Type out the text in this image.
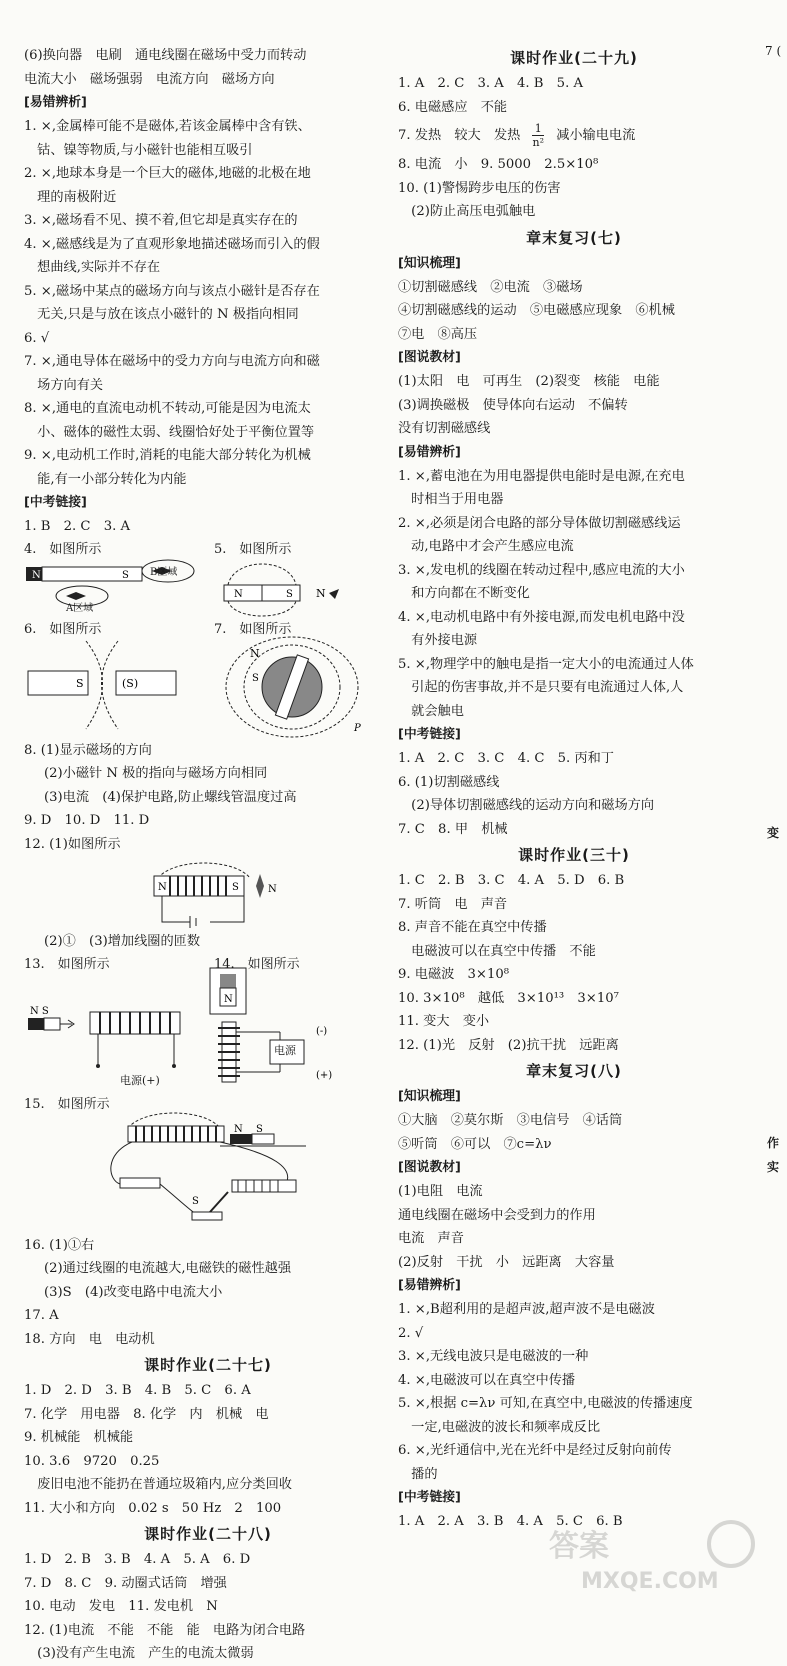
(6)换向器　电刷　通电线圈在磁场中受力而转动
电流大小　磁场强弱　电流方向　磁场方向
[易错辨析]
1. ×,金属棒可能不是磁体,若该金属棒中含有铁、
　钴、镍等物质,与小磁针也能相互吸引
2. ×,地球本身是一个巨大的磁体,地磁的北极在地
　理的南极附近
3. ×,磁场看不见、摸不着,但它却是真实存在的
4. ×,磁感线是为了直观形象地描述磁场而引入的假
　想曲线,实际并不存在
5. ×,磁场中某点的磁场方向与该点小磁针是否存在
　无关,只是与放在该点小磁针的 N 极指向相同
6. √
7. ×,通电导体在磁场中的受力方向与电流方向和磁
　场方向有关
8. ×,通电的直流电动机不转动,可能是因为电流太
　小、磁体的磁性太弱、线圈恰好处于平衡位置等
9. ×,电动机工作时,消耗的电能大部分转化为机械
　能,有一小部分转化为内能
[中考链接]
1. B　2. C　3. A
4.　如图所示	5.　如图所示
N	S
N	S N
B区域
A区域
6.　如图所示	7.　如图所示
S	(S)
N
S
P
8. (1)显示磁场的方向
(2)小磁针 N 极的指向与磁场方向相同
(3)电流　(4)保护电路,防止螺线管温度过高
9. D　10. D　11. D
12. (1)如图所示
N	S	N
(2)①　(3)增加线圈的匝数
13.　如图所示	14.　如图所示
N S
N
(-)
(+)
电源(+)
电源
15.　如图所示
N S
S
16. (1)①右
(2)通过线圈的电流越大,电磁铁的磁性越强
(3)S　(4)改变电路中电流大小
17. A
18. 方向　电　电动机
课时作业(二十七)
1. D　2. D　3. B　4. B　5. C　6. A
7. 化学　用电器　8. 化学　内　机械　电
9. 机械能　机械能
10. 3.6　9720　0.25
　废旧电池不能扔在普通垃圾箱内,应分类回收
11. 大小和方向　0.02 s　50 Hz　2　100
课时作业(二十八)
1. D　2. B　3. B　4. A　5. A　6. D
7. D　8. C　9. 动圈式话筒　增强
10. 电动　发电　11. 发电机　N
12. (1)电流　不能　不能　能　电路为闭合电路
　(3)没有产生电流　产生的电流太微弱
课时作业(二十九)
1. A　2. C　3. A　4. B　5. A
6. 电磁感应　不能
7. 发热　较大　发热 $\frac{1}{\text{n²}}$ 减小输电电流
8. 电流　小　9. 5000　2.5×10⁸
10. (1)警惕跨步电压的伤害
　(2)防止高压电弧触电
章末复习(七)
[知识梳理]
①切割磁感线　②电流　③磁场
④切割磁感线的运动　⑤电磁感应现象　⑥机械
⑦电　⑧高压
[图说教材]
(1)太阳　电　可再生　(2)裂变　核能　电能
(3)调换磁极　使导体向右运动　不偏转
没有切割磁感线
[易错辨析]
1. ×,蓄电池在为用电器提供电能时是电源,在充电
　时相当于用电器
2. ×,必须是闭合电路的部分导体做切割磁感线运
　动,电路中才会产生感应电流
3. ×,发电机的线圈在转动过程中,感应电流的大小
　和方向都在不断变化
4. ×,电动机电路中有外接电源,而发电机电路中没
　有外接电源
5. ×,物理学中的触电是指一定大小的电流通过人体
　引起的伤害事故,并不是只要有电流通过人体,人
　就会触电
[中考链接]
1. A　2. C　3. C　4. C　5. 丙和丁
6. (1)切割磁感线
　(2)导体切割磁感线的运动方向和磁场方向
7. C　8. 甲　机械
课时作业(三十)
1. C　2. B　3. C　4. A　5. D　6. B
7. 听筒　电　声音
8. 声音不能在真空中传播
　电磁波可以在真空中传播　不能
9. 电磁波　3×10⁸
10. 3×10⁸　越低　3×10¹³　3×10⁷
11. 变大　变小
12. (1)光　反射　(2)抗干扰　远距离
章末复习(八)
[知识梳理]
①大脑　②莫尔斯　③电信号　④话筒
⑤听筒　⑥可以　⑦c=λν
[图说教材]
(1)电阻　电流
通电线圈在磁场中会受到力的作用
电流　声音
(2)反射　干扰　小　远距离　大容量
[易错辨析]
1. ×,B超利用的是超声波,超声波不是电磁波
2. √
3. ×,无线电波只是电磁波的一种
4. ×,电磁波可以在真空中传播
5. ×,根据 c=λν 可知,在真空中,电磁波的传播速度
　一定,电磁波的波长和频率成反比
6. ×,光纤通信中,光在光纤中是经过反射向前传
　播的
[中考链接]
1. A　2. A　3. B　4. A　5. C　6. B
7 (
变
作
实
答案
MXQE.COM
